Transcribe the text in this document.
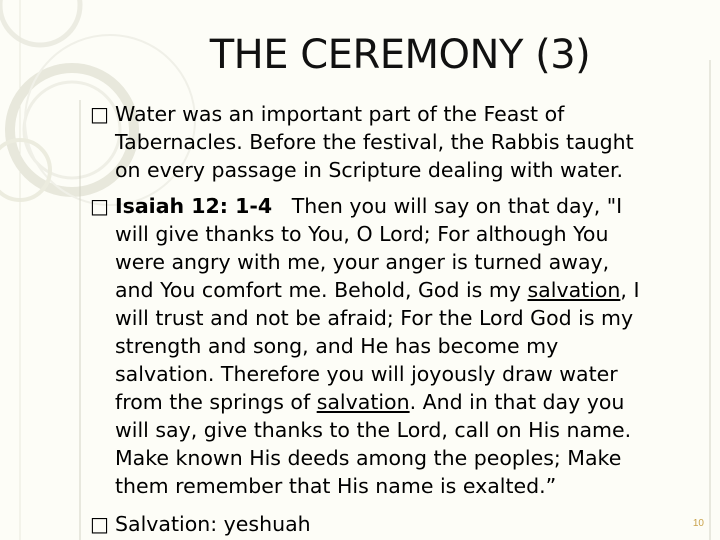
THE CEREMONY (3)
□ Water was an important part of the Feast of
Tabernacles. Before the festival, the Rabbis taught
on every passage in Scripture dealing with water.
□ Isaiah 12: 1-4 Then you will say on that day, "I
will give thanks to You, O Lord; For although You
were angry with me, your anger is turned away,
and You comfort me. Behold, God is my salvation, I
will trust and not be afraid; For the Lord God is my
strength and song, and He has become my
salvation. Therefore you will joyously draw water
from the springs of salvation. And in that day you
will say, give thanks to the Lord, call on His name.
Make known His deeds among the peoples; Make
them remember that His name is exalted.”
□ Salvation: yeshuah	10
